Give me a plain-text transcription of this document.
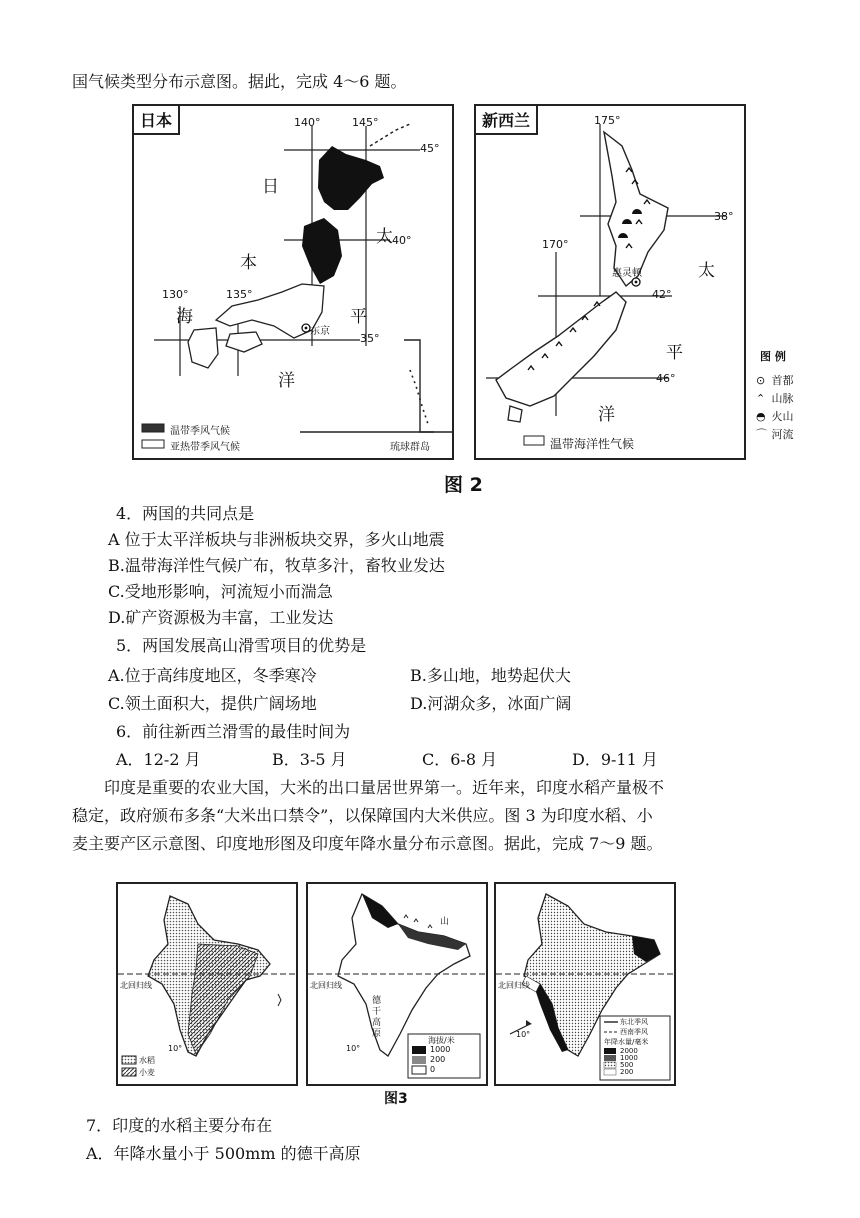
国气候类型分布示意图。据此，完成 4～6 题。
日本	140°	145°
130°	135°
45°
40°
35°
日
本
海
太
平
洋
东京
琉球群岛
温带季风气候
亚热带季风气候
新西兰	175°
170°
38°
42°
46°
太
平
洋
惠灵顿
温带海洋性气候
图 例
⊙ 首都
⌃ 山脉
◓ 火山
⌒ 河流
图 2
4．两国的共同点是
A 位于太平洋板块与非洲板块交界，多火山地震
B.温带海洋性气候广布，牧草多汁，畜牧业发达
C.受地形影响，河流短小而湍急
D.矿产资源极为丰富，工业发达
5．两国发展高山滑雪项目的优势是
A.位于高纬度地区，冬季寒冷	B.多山地，地势起伏大
C.领土面积大，提供广阔场地	D.河湖众多，冰面广阔
6．前往新西兰滑雪的最佳时间为
A．12-2 月	B．3-5 月	C．6-8 月	D．9-11 月
印度是重要的农业大国，大米的出口量居世界第一。近年来，印度水稻产量极不
稳定，政府颁布多条“大米出口禁令”，以保障国内大米供应。图 3 为印度水稻、小
麦主要产区示意图、印度地形图及印度年降水量分布示意图。据此，完成 7～9 题。
北回归线
10°
水稻
小麦
北回归线
10°
山
德
干
高
原
海拔/米
1000
200
0
北回归线
10°
东北季风
西南季风
年降水量/毫米
2000
1000
500
200
图3
7．印度的水稻主要分布在
A．年降水量小于 500mm 的德干高原
